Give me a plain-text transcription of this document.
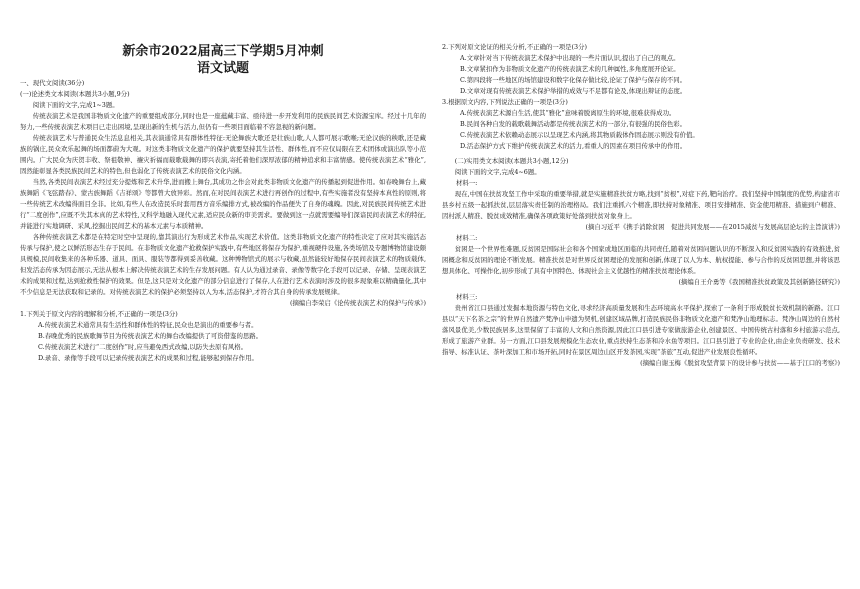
新余市2022届高三下学期5月冲刺
语文试题

一、现代文阅读(36分)

(一)论述类文本阅读(本题共3小题,9分)

阅读下面的文字,完成1~3题。

传统表演艺术是我国非物质文化遗产的重要组成部分,同时也是一座蕴藏丰富、亟待进一步开发利用的民族民间艺术资源宝库。经过十几年的努力,一些传统表演艺术项目已走出困境,呈现出新的生机与活力,但仍有一些项目面临着不容忽视的新问题。

传统表演艺术与普通民众生活息息相关,其表演通常具有群体性特征:无论舞族大歌还是壮族山歌,人人都可展示歌喉;无论汉族的秧歌,还是藏族的锅庄,民众欢乐起舞的场面都蔚为大观。对这类非物质文化遗产的保护就要坚持其生活性、群体性,而不应仅局限在艺术团体或演出队等小范围内。广大民众为庆贺丰收、祭祖敬神、禳灾祈福而载歌载舞的即兴表演,寄托着他们深厚浓郁的精神追求和丰富情感。使传统表演艺术“雅化”,固然能彰显各类民族民间艺术的特色,但也弱化了传统表演艺术的民俗文化内涵。

当然,各类民间表演艺术经过充分提炼和艺术升华,进而搬上舞台,其成功之作会对此类非物质文化遗产的传播起到促进作用。如春晚舞台上,藏族舞蹈《飞弦踏春》、蒙古族舞蹈《吉祥颂》等都曾大放异彩。然而,在对民间表演艺术进行再创作的过程中,有些实施者没有坚持本真性的原则,将一些传统艺术改编得面目全非。比如,有些人在改造民乐时套用西方音乐编排方式,被改编的作品便失了自身的魂魄。因此,对民族民间传统艺术进行“二度创作”,应既不失其本真的艺术特性,又科学地融入现代元素,适应民众新的审美需求。要做到这一点就需要编导们深谙民间表演艺术的特征,并能进行实地调研、采风,挖掘出民间艺术的基本元素与本质精神。

各种传统表演艺术都是在特定时空中呈现的,靠其演出行为形成艺术作品,实现艺术价值。这类非物质文化遗产的特性决定了应对其实施活态传承与保护,使之以鲜活形态生存于民间。在非物质文化遗产抢救保护实践中,有些地区将保存为保护,重视硬件设施,各类场馆及专题博物馆建设颇具规模,民间收集来的各种乐器、道具、面具、服装等都得到妥善收藏。这种博物馆式的展示与收藏,虽然能较好地保存民间表演艺术的物质载体,但发活态传承为因态展示,无法从根本上解决传统表演艺术的生存发展问题。有人认为通过录音、录像等数字化手段可以记录、存储、呈现表演艺术的成果和过程,达到抢救性保护的效果。但是,这只是对文化遗产的部分信息进行了保存,人在进行艺术表演时涉及的很多现象难以精确量化,其中不少信息是无法获取和记录的。对传统表演艺术的保护必须坚持以人为本,活态保护,才符合其自身的传承发展规律。

(摘编自李荣启《论传统表演艺术的保护与传承》)

1.下列关于原文内容的理解和分析,不正确的一项是(3分)

A.传统表演艺术通常具有生活性和群体性的特征,民众也是演出的重要参与者。

B.春晚优秀的民族歌舞节目为传统表演艺术的舞台改编提供了可资借鉴的思路。

C.传统表演艺术进行“二度创作”时,应当避免西式改编,以防失去原有风格。

D.录音、录像等手段可以记录传统表演艺术的成果和过程,能够起到保存作用。

2.下列对原文论证的相关分析,不正确的一项是(3分)

A.文章针对当下传统表演艺术保护中出现的一些片面认识,提出了自己的观点。

B.文章紧扣作为非物质文化遗产的传统表演艺术的几种属性,多角度展开论证。

C.第四段将一些地区的场馆建设和数字化保存做比较,论证了保护与保存的不同。

D.文章对现有传统表演艺术保护举措的成效与不足都有论及,体现出辩证的态度。

3.根据原文内容,下列说法正确的一项是(3分)

A.传统表演艺术源自生活,使其“雅化”意味着脱离原生的环境,很难获得成功。

B.民间各种自发的载歌载舞活动都是传统表演艺术的一部分,有很强的民俗色彩。

C.传统表演艺术依赖动态展示以呈现艺术内涵,将其物质载体作固态展示则没有价值。

D.活态保护方式下维护传统表演艺术的活力,看重人的因素在项目传承中的作用。

(二)实用类文本阅读(本题共3小题,12分)

阅读下面的文字,完成4~6题。

材料一:

现在,中国在扶贫攻坚工作中采取的重要举措,就是实施精准扶贫方略,找到“贫根”,对症下药,靶向治疗。我们坚持中国制度的优势,构建省市县乡村五级一起抓扶贫,层层落实责任制的治理格局。我们注重抓六个精准,即扶持对象精准、项目安排精准、资金使用精准、措施到户精准、因村派人精准、脱贫成效精准,确保各项政策好处落到扶贫对象身上。

(摘自习近平《携手消除贫困　促进共同发展——在2015减贫与发展高层论坛的主旨演讲》)

材料二:

贫困是一个世界性难题,反贫困是国际社会和各个国家或地区面临的共同责任,随着对贫困问题认识的不断深入和反贫困实践的有效推进,贫困概念和反贫困的理论不断发展。精准扶贫是对世界反贫困理论的发展和创新,体现了以人为本、航权提能、参与合作的反贫困思想,并将该思想具体化、可操作化,初步形成了具有中国特色、体现社会主义优越性的精准扶贫理论体系。

(摘编自王介勇等《我国精准扶贫政策及其创新路径研究》)

材料三:

贵州省江口县通过发掘本地资源与特色文化,寻求经济高质量发展和生态环境高水平保护,探索了一条利于形成脱贫长效机制的新路。江口县以“天下名茶之宗”的世界自然遗产梵净山申遗为契机,创建区域品牌,打造民族民俗非物质文化遗产和梵净山地理标志。梵净山周边的自然村落风景优美,少数民族居多,这里保留了丰富的人文和自然资源,因此江口县引进专家做旅游企业,创建景区、中国传统古村落和乡村旅游示范点,形成了旅游产业群。另一方面,江口县发展规模化生态农业,重点扶持生态茶和冷水鱼等项目。江口县引进了专业的企业,由企业负责研发、技术指导、标准认证、茶叶深加工和市场开拓,同时在景区周边山区开发茶园,实现“茶旅”互动,促进产业发展良性循环。

(摘编自谢玉梅《脱贫攻坚背景下的设计参与扶贫——基于江口的考察》)
